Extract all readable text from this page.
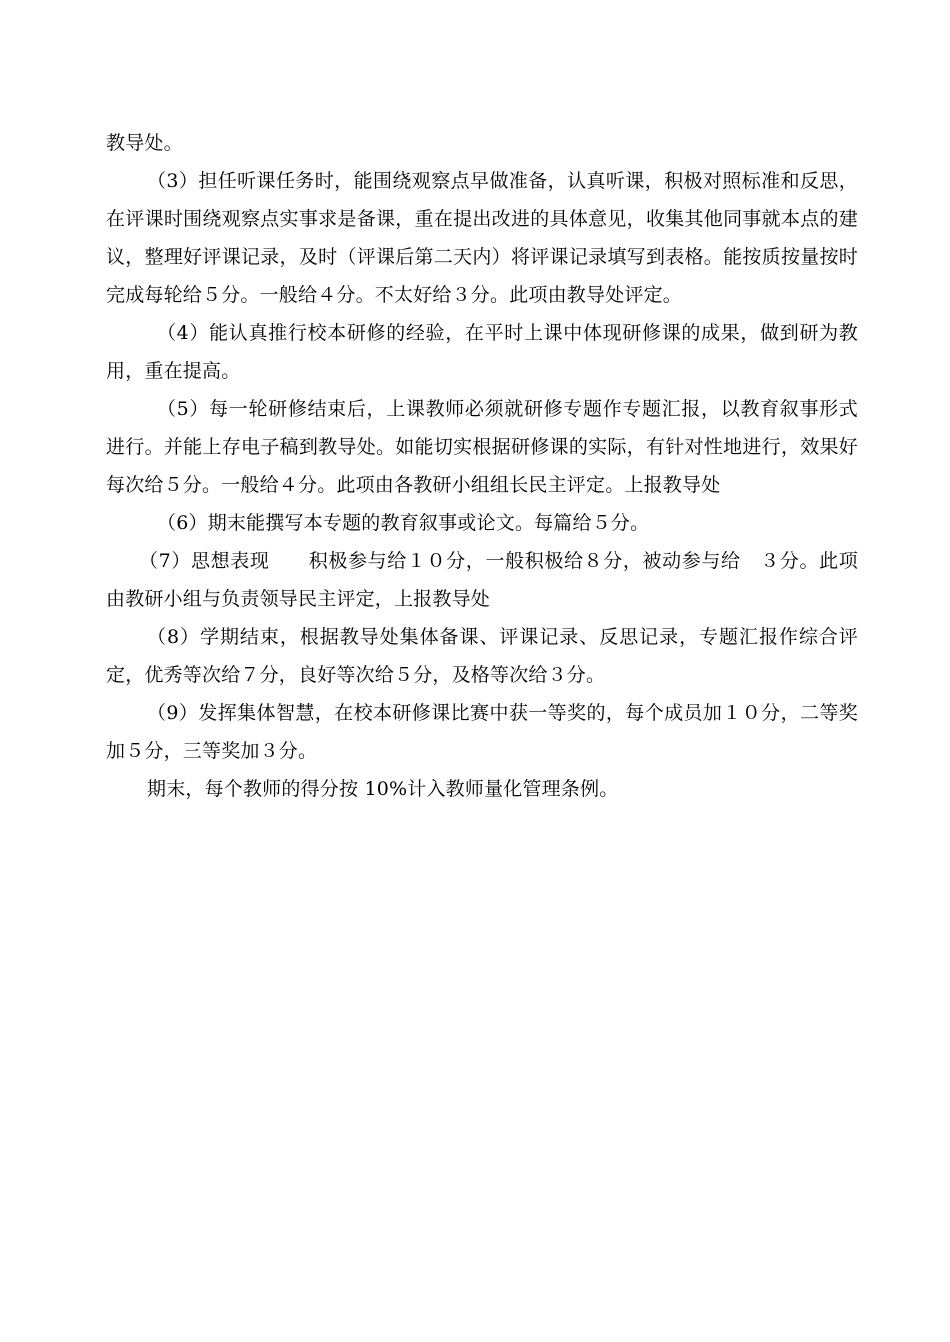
教导处。

（3）担任听课任务时，能围绕观察点早做准备，认真听课，积极对照标准和反思，在评课时围绕观察点实事求是备课，重在提出改进的具体意见，收集其他同事就本点的建议，整理好评课记录，及时（评课后第二天内）将评课记录填写到表格。能按质按量按时完成每轮给５分。一般给４分。不太好给３分。此项由教导处评定。

（4）能认真推行校本研修的经验，在平时上课中体现研修课的成果，做到研为教用，重在提高。

（5）每一轮研修结束后，上课教师必须就研修专题作专题汇报，以教育叙事形式进行。并能上存电子稿到教导处。如能切实根据研修课的实际，有针对性地进行，效果好每次给５分。一般给４分。此项由各教研小组组长民主评定。上报教导处

（6）期末能撰写本专题的教育叙事或论文。每篇给５分。

（7）思想表现　　积极参与给１０分，一般积极给８分，被动参与给　３分。此项由教研小组与负责领导民主评定，上报教导处

（8）学期结束，根据教导处集体备课、评课记录、反思记录，专题汇报作综合评定，优秀等次给７分，良好等次给５分，及格等次给３分。

（9）发挥集体智慧，在校本研修课比赛中获一等奖的，每个成员加１０分，二等奖加５分，三等奖加３分。

期末，每个教师的得分按 10%计入教师量化管理条例。
